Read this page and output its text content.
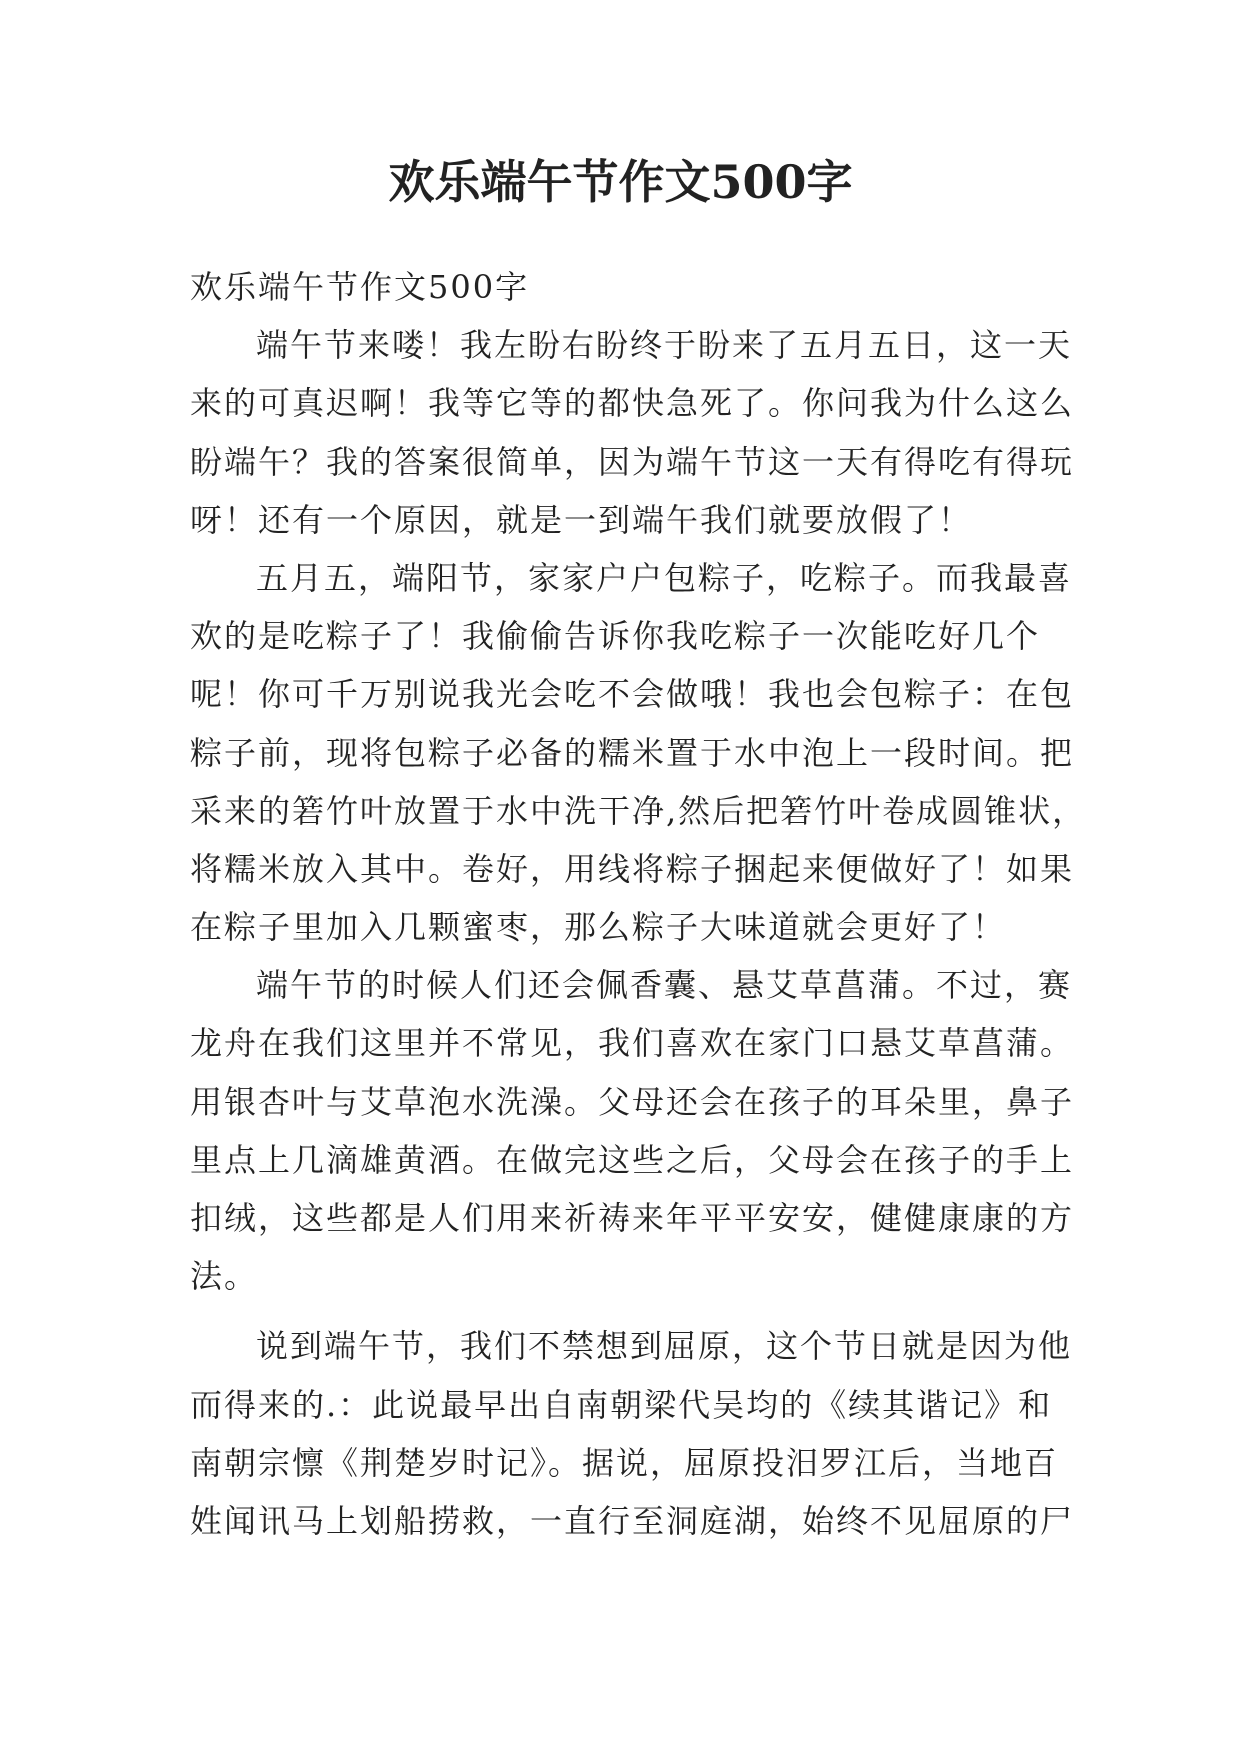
欢乐端午节作文500字
欢乐端午节作文500字
端午节来喽！我左盼右盼终于盼来了五月五日，这一天
来的可真迟啊！我等它等的都快急死了。你问我为什么这么
盼端午？我的答案很简单，因为端午节这一天有得吃有得玩
呀！还有一个原因，就是一到端午我们就要放假了！
五月五，端阳节，家家户户包粽子，吃粽子。而我最喜
欢的是吃粽子了！我偷偷告诉你我吃粽子一次能吃好几个
呢！你可千万别说我光会吃不会做哦！我也会包粽子：在包
粽子前，现将包粽子必备的糯米置于水中泡上一段时间。把
采来的箬竹叶放置于水中洗干净,然后把箬竹叶卷成圆锥状，
将糯米放入其中。卷好，用线将粽子捆起来便做好了！如果
在粽子里加入几颗蜜枣，那么粽子大味道就会更好了！
端午节的时候人们还会佩香囊、悬艾草菖蒲。不过，赛
龙舟在我们这里并不常见，我们喜欢在家门口悬艾草菖蒲。
用银杏叶与艾草泡水洗澡。父母还会在孩子的耳朵里，鼻子
里点上几滴雄黄酒。在做完这些之后，父母会在孩子的手上
扣绒，这些都是人们用来祈祷来年平平安安，健健康康的方
法。
说到端午节，我们不禁想到屈原，这个节日就是因为他
而得来的.：此说最早出自南朝梁代吴均的《续其谐记》和
南朝宗懔《荆楚岁时记》。据说，屈原投汨罗江后，当地百
姓闻讯马上划船捞救，一直行至洞庭湖，始终不见屈原的尸
